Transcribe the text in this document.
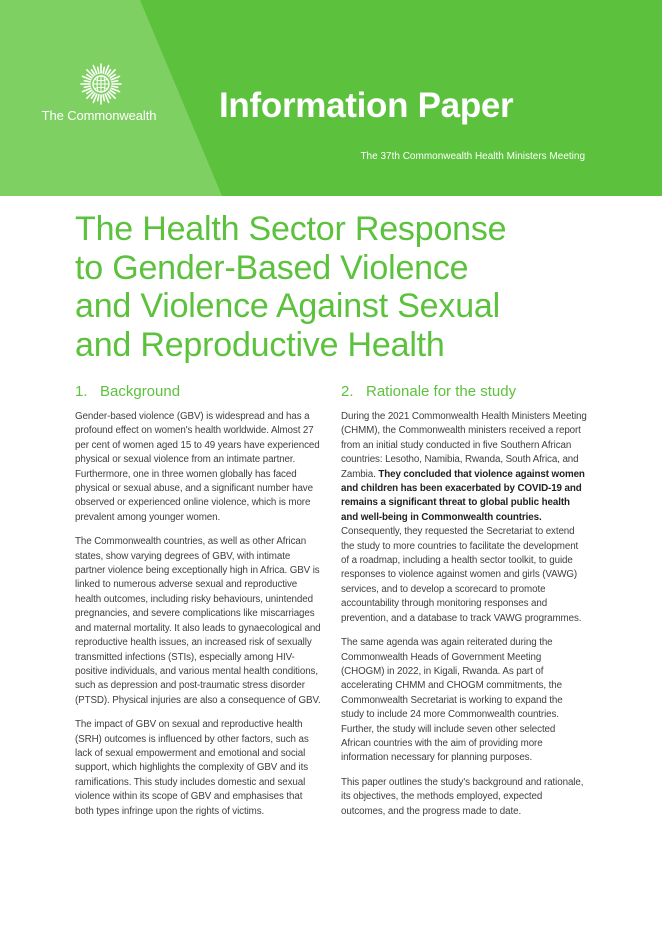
The Commonwealth Information Paper
The 37th Commonwealth Health Ministers Meeting
The Health Sector Response
to Gender-Based Violence
and Violence Against Sexual
and Reproductive Health
1. Background

Gender-based violence (GBV) is widespread and has a profound effect on women's health worldwide. Almost 27 per cent of women aged 15 to 49 years have experienced physical or sexual violence from an intimate partner. Furthermore, one in three women globally has faced physical or sexual abuse, and a significant number have observed or experienced online violence, which is more prevalent among younger women.

The Commonwealth countries, as well as other African states, show varying degrees of GBV, with intimate partner violence being exceptionally high in Africa. GBV is linked to numerous adverse sexual and reproductive health outcomes, including risky behaviours, unintended pregnancies, and severe complications like miscarriages and maternal mortality. It also leads to gynaecological and reproductive health issues, an increased risk of sexually transmitted infections (STIs), especially among HIV-positive individuals, and various mental health conditions, such as depression and post-traumatic stress disorder (PTSD). Physical injuries are also a consequence of GBV.

The impact of GBV on sexual and reproductive health (SRH) outcomes is influenced by other factors, such as lack of sexual empowerment and emotional and social support, which highlights the complexity of GBV and its ramifications. This study includes domestic and sexual violence within its scope of GBV and emphasises that both types infringe upon the rights of victims.

2. Rationale for the study

During the 2021 Commonwealth Health Ministers Meeting (CHMM), the Commonwealth ministers received a report from an initial study conducted in five Southern African countries: Lesotho, Namibia, Rwanda, South Africa, and Zambia. They concluded that violence against women and children has been exacerbated by COVID-19 and remains a significant threat to global public health and well-being in Commonwealth countries. Consequently, they requested the Secretariat to extend the study to more countries to facilitate the development of a roadmap, including a health sector toolkit, to guide responses to violence against women and girls (VAWG) services, and to develop a scorecard to promote accountability through monitoring responses and prevention, and a database to track VAWG programmes.

The same agenda was again reiterated during the Commonwealth Heads of Government Meeting (CHOGM) in 2022, in Kigali, Rwanda. As part of accelerating CHMM and CHOGM commitments, the Commonwealth Secretariat is working to expand the study to include 24 more Commonwealth countries. Further, the study will include seven other selected African countries with the aim of providing more information necessary for planning purposes.

This paper outlines the study's background and rationale, its objectives, the methods employed, expected outcomes, and the progress made to date.
